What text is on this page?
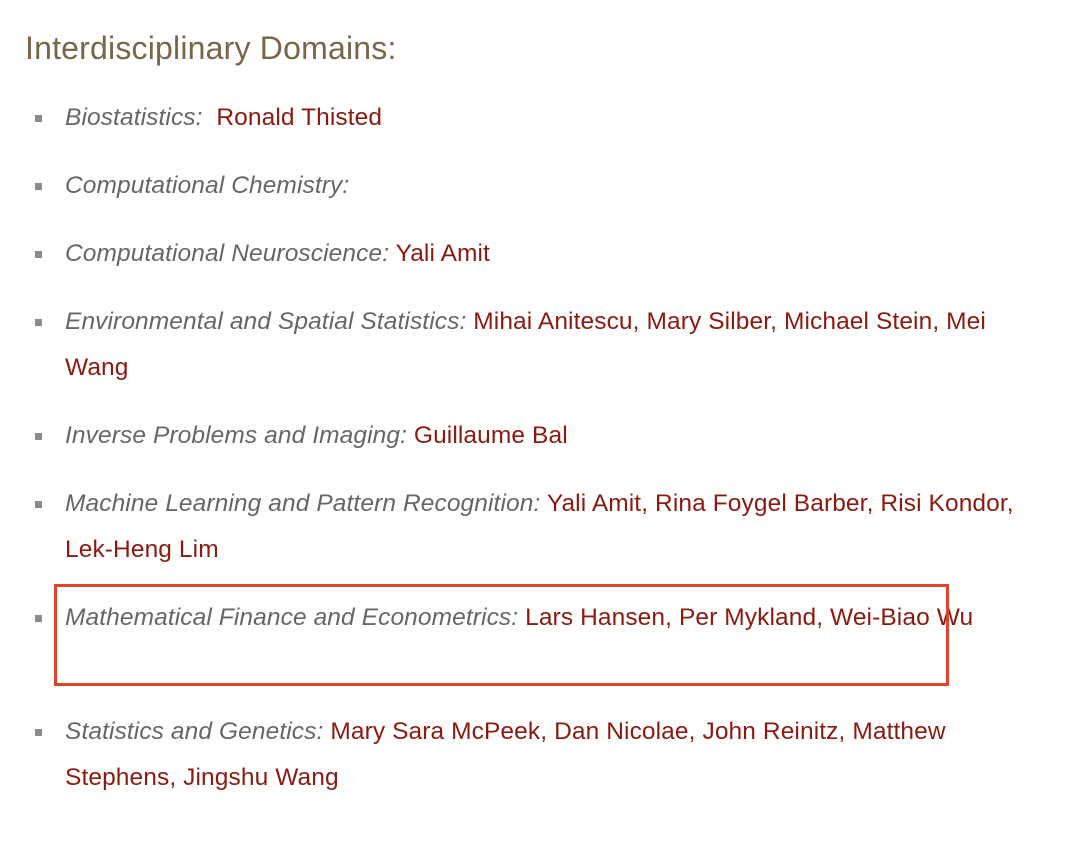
Interdisciplinary Domains:
Biostatistics: Ronald Thisted
Computational Chemistry:
Computational Neuroscience: Yali Amit
Environmental and Spatial Statistics: Mihai Anitescu, Mary Silber, Michael Stein, Mei Wang
Inverse Problems and Imaging: Guillaume Bal
Machine Learning and Pattern Recognition: Yali Amit, Rina Foygel Barber, Risi Kondor, Lek-Heng Lim
Mathematical Finance and Econometrics: Lars Hansen, Per Mykland, Wei-Biao Wu
Statistics and Genetics: Mary Sara McPeek, Dan Nicolae, John Reinitz, Matthew Stephens, Jingshu Wang
